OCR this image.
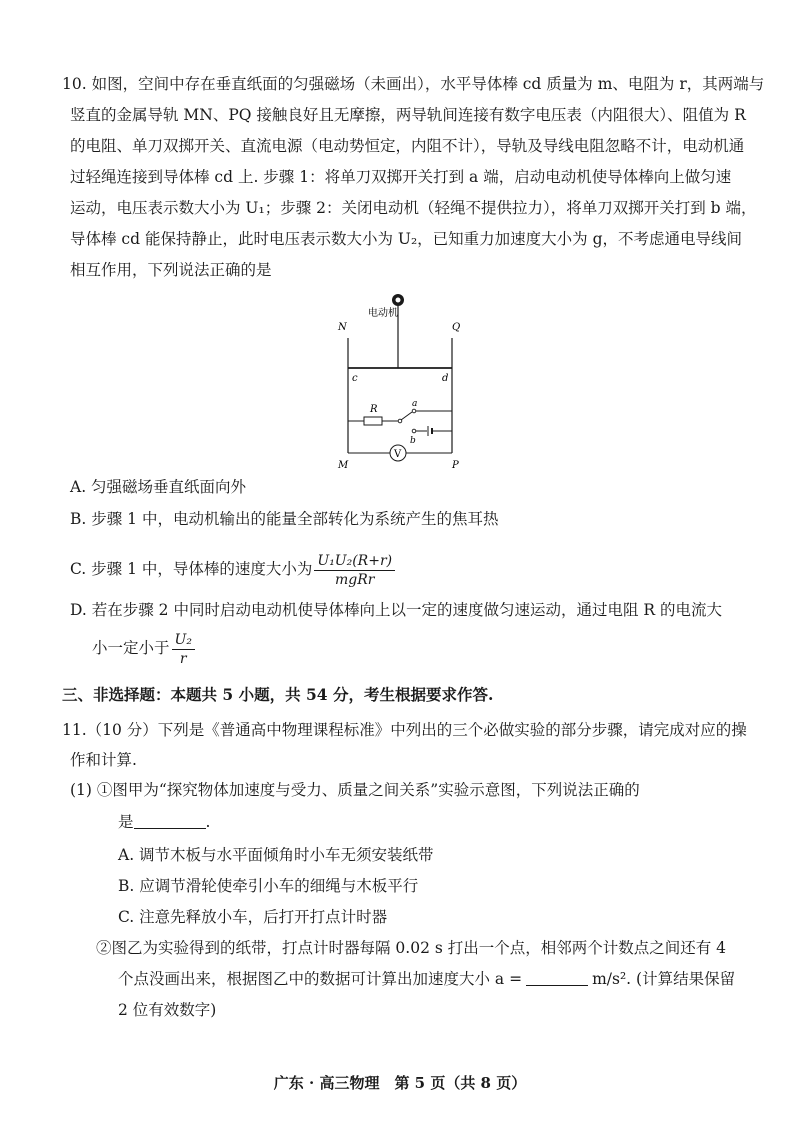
10. 如图，空间中存在垂直纸面的匀强磁场（未画出），水平导体棒 cd 质量为 m、电阻为 r，其两端与
竖直的金属导轨 MN、PQ 接触良好且无摩擦，两导轨间连接有数字电压表（内阻很大）、阻值为 R
的电阻、单刀双掷开关、直流电源（电动势恒定，内阻不计），导轨及导线电阻忽略不计，电动机通
过轻绳连接到导体棒 cd 上. 步骤 1：将单刀双掷开关打到 a 端，启动电动机使导体棒向上做匀速
运动，电压表示数大小为 U₁；步骤 2：关闭电动机（轻绳不提供拉力），将单刀双掷开关打到 b 端，
导体棒 cd 能保持静止，此时电压表示数大小为 U₂，已知重力加速度大小为 g，不考虑通电导线间
相互作用，下列说法正确的是
电动机
N	Q
c	d
M	P
R	a
b
V
A. 匀强磁场垂直纸面向外
B. 步骤 1 中，电动机输出的能量全部转化为系统产生的焦耳热
C. 步骤 1 中，导体棒的速度大小为 $\frac{\text{U₁U₂(R+r)}}{\text{mgRr}}$
D. 若在步骤 2 中同时启动电动机使导体棒向上以一定的速度做匀速运动，通过电阻 R 的电流大
小一定小于 $\frac{\text{U₂}}{r}$
三、非选择题：本题共 5 小题，共 54 分，考生根据要求作答.
11.（10 分）下列是《普通高中物理课程标准》中列出的三个必做实验的部分步骤，请完成对应的操
作和计算.
(1) ①图甲为“探究物体加速度与受力、质量之间关系”实验示意图，下列说法正确的
是	.
A. 调节木板与水平面倾角时小车无须安装纸带
B. 应调节滑轮使牵引小车的细绳与木板平行
C. 注意先释放小车，后打开打点计时器
②图乙为实验得到的纸带，打点计时器每隔 0.02 s 打出一个点，相邻两个计数点之间还有 4
个点没画出来，根据图乙中的数据可计算出加速度大小 a =	m/s². (计算结果保留
2 位有效数字)
广东 · 高三物理　第 5 页（共 8 页）
